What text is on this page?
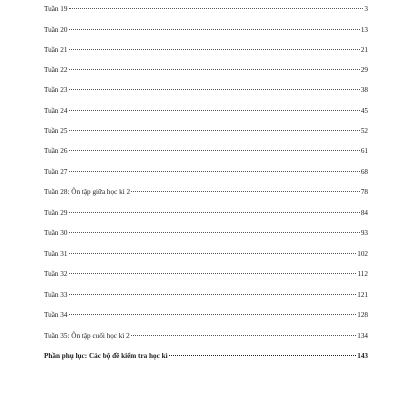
Tuần 19	3
Tuần 20	13
Tuần 21	21
Tuần 22	29
Tuần 23	38
Tuần 24	45
Tuần 25	52
Tuần 26	61
Tuần 27	68
Tuần 28: Ôn tập giữa học kì 2	78
Tuần 29	84
Tuần 30	93
Tuần 31	102
Tuần 32	112
Tuần 33	121
Tuần 34	128
Tuần 35: Ôn tập cuối học kì 2	134
Phần phụ lục: Các bộ đề kiểm tra học kì	143
